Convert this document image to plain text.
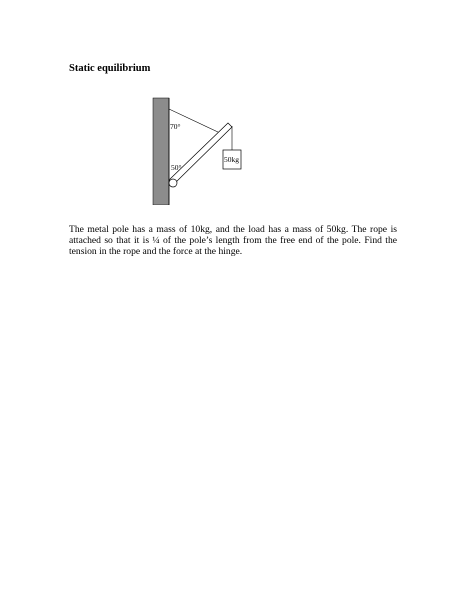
Static equilibrium
70°
50°
50kg

The metal pole has a mass of 10kg, and the load has a mass of 50kg. The rope is attached so that it is ¼ of the pole’s length from the free end of the pole. Find the tension in the rope and the force at the hinge.
